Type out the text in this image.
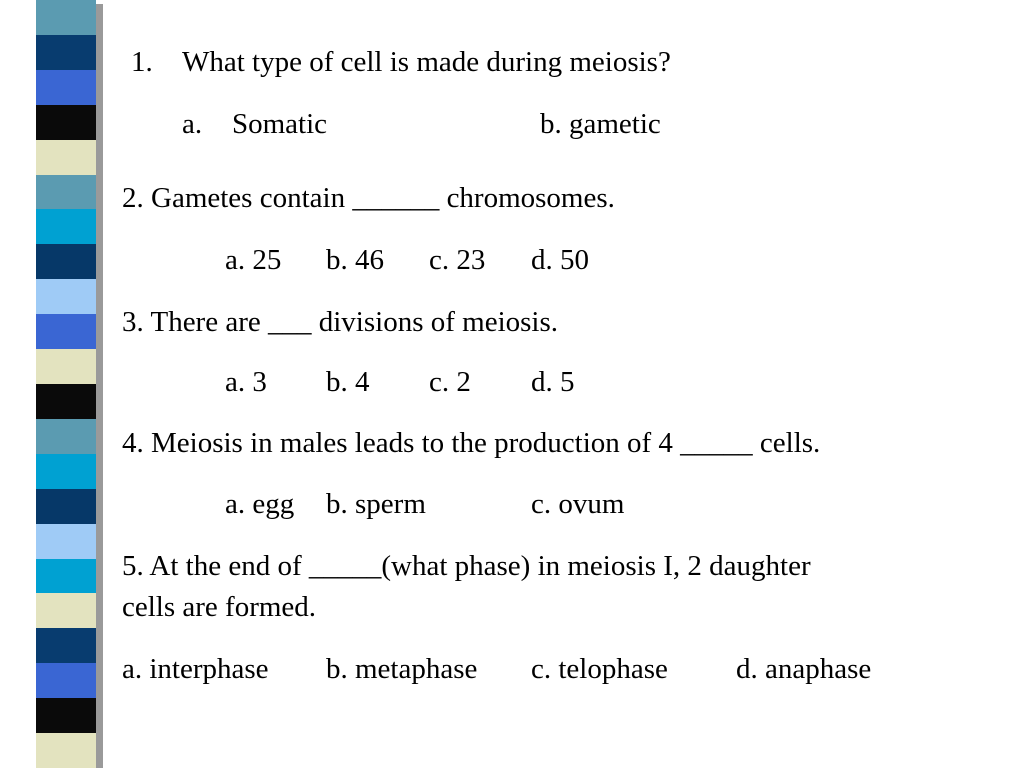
1. What type of cell is made during meiosis?
a. Somatic	b. gametic
2. Gametes contain ______ chromosomes.
a. 25 b. 46 c. 23 d. 50
3. There are ___ divisions of meiosis.
a. 3 b. 4 c. 2 d. 5
4. Meiosis in males leads to the production of 4 _____ cells.
a. egg b. sperm	c. ovum
5. At the end of _____(what phase) in meiosis I, 2 daughter
cells are formed.
a. interphase b. metaphase c. telophase d. anaphase
